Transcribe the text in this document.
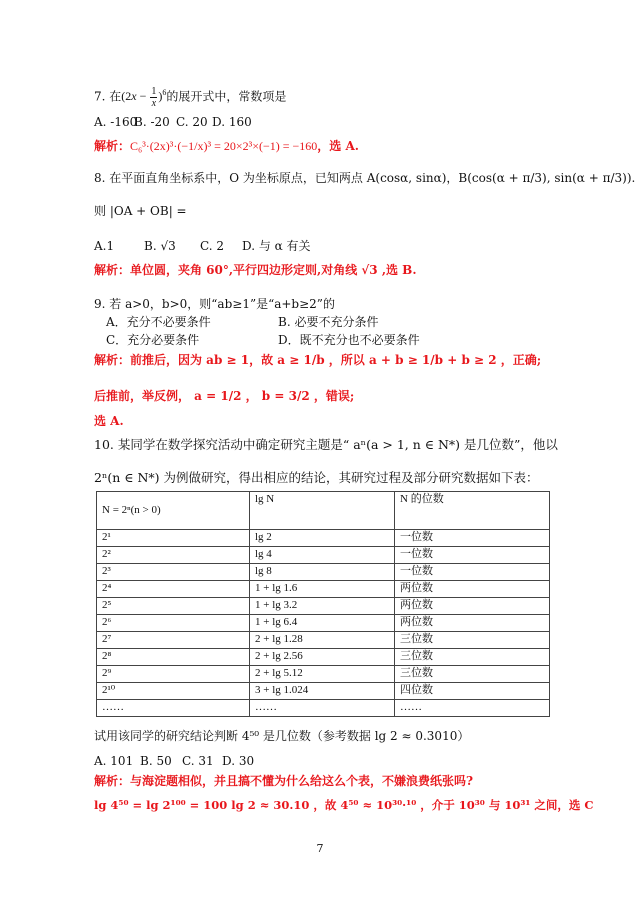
7. 在$(2x - \frac{1}{x} )^6$的展开式中，常数项是
A. -160B. -20 C. 20 D. 160
解析：C₆³·(2x)³·(−1/x)³ = 20×2³×(−1) = −160，选 A.
8. 在平面直角坐标系中，O 为坐标原点，已知两点 A(cosα, sinα)，B(cos(α + π/3), sin(α + π/3)).
则 |OA + OB| =
A.1 B. √3 C. 2 D. 与 α 有关
解析：单位圆，夹角 60°,平行四边形定则,对角线 √3 ,选 B.
9. 若 a>0，b>0，则“ab≥1”是“a+b≥2”的
A．充分不必要条件	B. 必要不充分条件
C．充分必要条件	D．既不充分也不必要条件
解析：前推后，因为 ab ≥ 1，故 a ≥ 1/b ，所以 a + b ≥ 1/b + b ≥ 2 ，正确;
后推前，举反例， a = 1/2 ， b = 3/2 ，错误;
选 A.
10. 某同学在数学探究活动中确定研究主题是“ aⁿ(a > 1, n ∈ N*) 是几位数”，他以
2ⁿ(n ∈ N*) 为例做研究，得出相应的结论，其研究过程及部分研究数据如下表：
N = 2ⁿ(n > 0)	lg N	N 的位数
2¹	lg 2	一位数
2²	lg 4	一位数
2³	lg 8	一位数
2⁴	1 + lg 1.6	两位数
2⁵	1 + lg 3.2	两位数
2⁶	1 + lg 6.4	两位数
2⁷	2 + lg 1.28	三位数
2⁸	2 + lg 2.56	三位数
2⁹	2 + lg 5.12	三位数
2¹⁰	3 + lg 1.024	四位数
……	……	……
试用该同学的研究结论判断 4⁵⁰ 是几位数（参考数据 lg 2 ≈ 0.3010）
A. 101 B. 50 C. 31 D. 30
解析：与海淀题相似，并且搞不懂为什么给这么个表，不嫌浪费纸张吗?
lg 4⁵⁰ = lg 2¹⁰⁰ = 100 lg 2 ≈ 30.10 ，故 4⁵⁰ ≈ 10³⁰·¹⁰ ，介于 10³⁰ 与 10³¹ 之间，选 C
7
